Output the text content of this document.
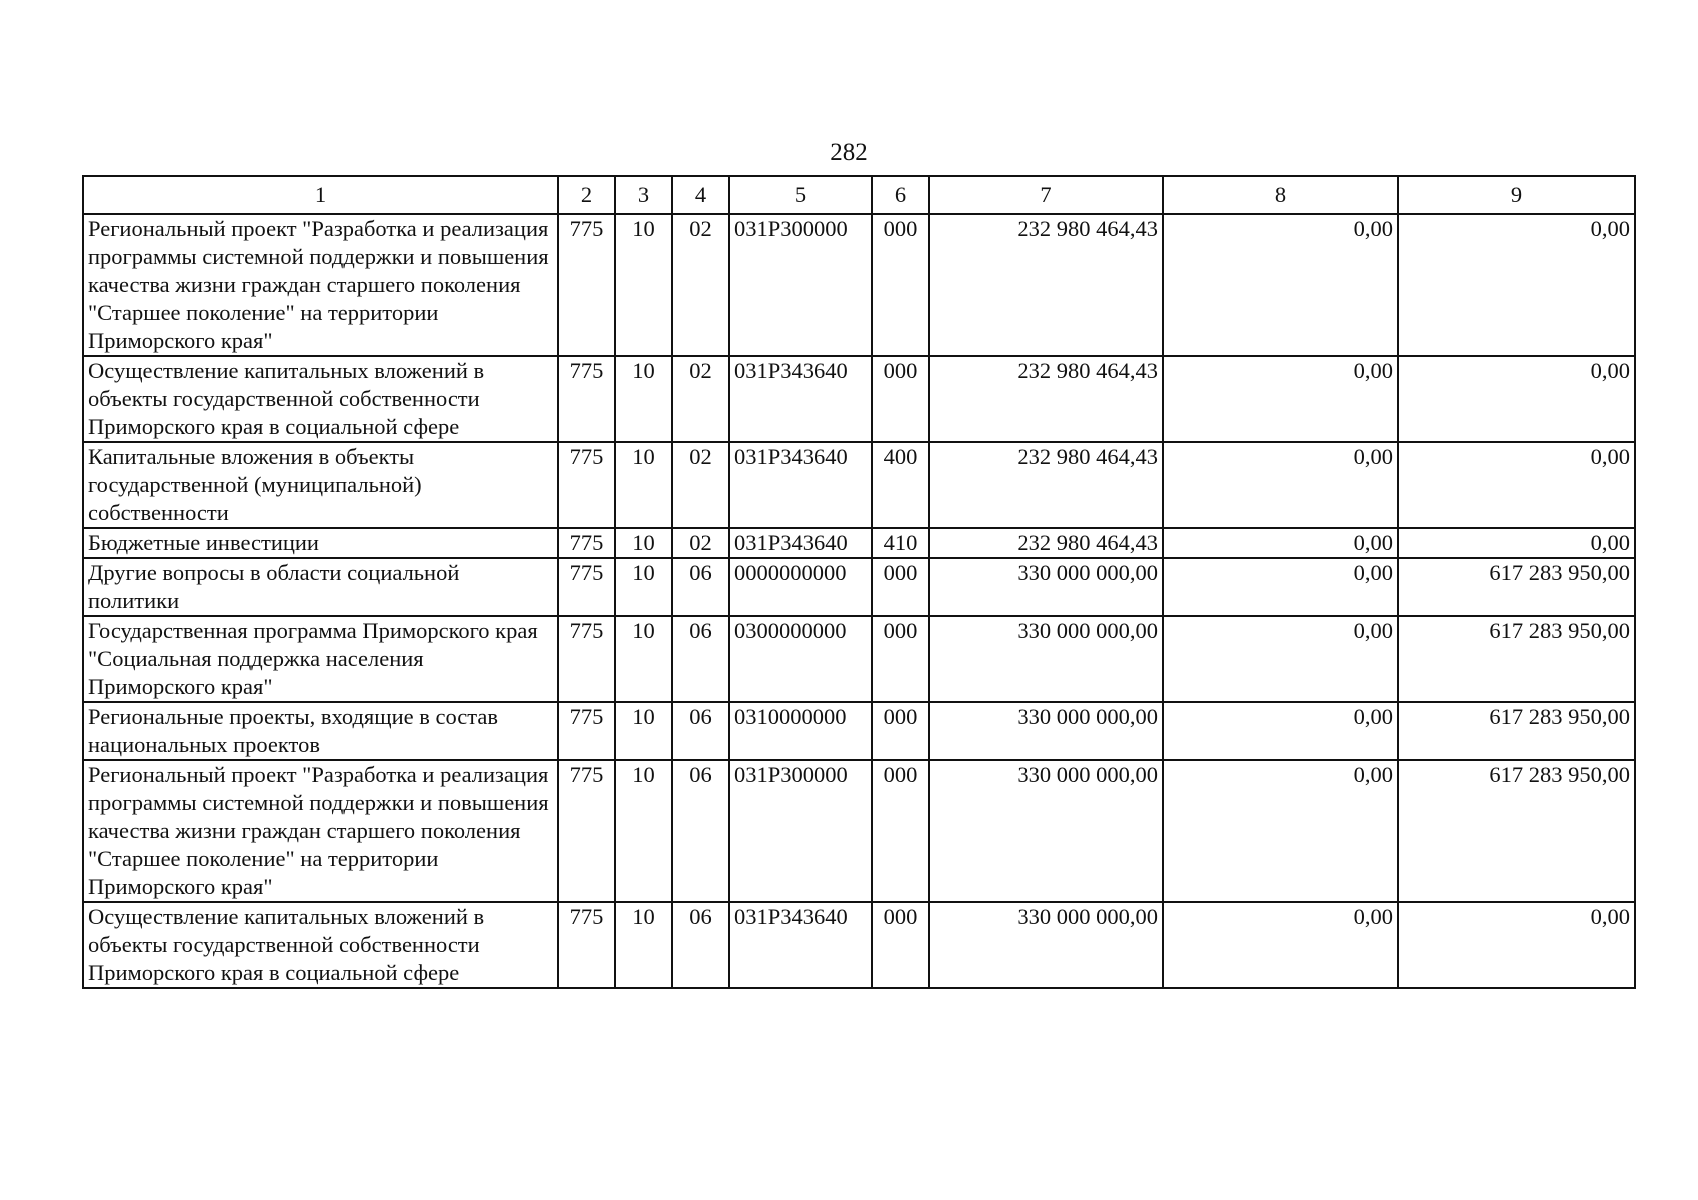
282
1	2	3	4	5	6	7	8	9
Региональный проект "Разработка и реализация программы системной поддержки и повышения качества жизни граждан старшего поколения "Старшее поколение" на территории Приморского края"	775	10	02	031P300000	000	232 980 464,43	0,00	0,00
Осуществление капитальных вложений в объекты государственной собственности Приморского края в социальной сфере	775	10	02	031P343640	000	232 980 464,43	0,00	0,00
Капитальные вложения в объекты государственной (муниципальной) собственности	775	10	02	031P343640	400	232 980 464,43	0,00	0,00
Бюджетные инвестиции	775	10	02	031P343640	410	232 980 464,43	0,00	0,00
Другие вопросы в области социальной политики	775	10	06	0000000000	000	330 000 000,00	0,00	617 283 950,00
Государственная программа Приморского края "Социальная поддержка населения Приморского края"	775	10	06	0300000000	000	330 000 000,00	0,00	617 283 950,00
Региональные проекты, входящие в состав национальных проектов	775	10	06	0310000000	000	330 000 000,00	0,00	617 283 950,00
Региональный проект "Разработка и реализация программы системной поддержки и повышения качества жизни граждан старшего поколения "Старшее поколение" на территории Приморского края"	775	10	06	031P300000	000	330 000 000,00	0,00	617 283 950,00
Осуществление капитальных вложений в объекты государственной собственности Приморского края в социальной сфере	775	10	06	031P343640	000	330 000 000,00	0,00	0,00
